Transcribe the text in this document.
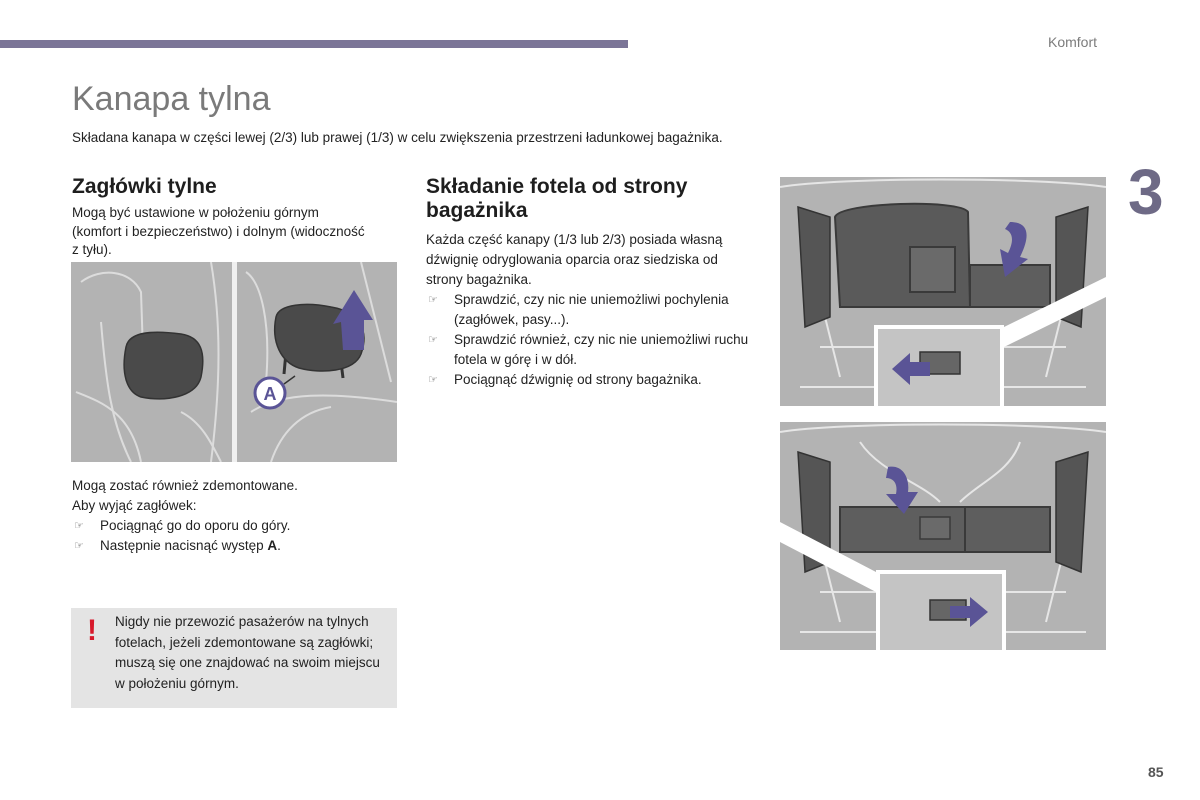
Komfort
3
Kanapa tylna
Składana kanapa w części lewej (2/3) lub prawej (1/3) w celu zwiększenia przestrzeni ładunkowej bagażnika.
Zagłówki tylne

Mogą być ustawione w położeniu górnym (komfort i bezpieczeństwo) i dolnym (widoczność z tyłu).

A

Mogą zostać również zdemontowane.

Aby wyjąć zagłówek:

☞ Pociągnąć go do oporu do góry.
☞ Następnie nacisnąć występ A.
! Nigdy nie przewozić pasażerów na tylnych fotelach, jeżeli zdemontowane są zagłówki; muszą się one znajdować na swoim miejscu w położeniu górnym.
Składanie fotela od strony bagażnika

Każda część kanapy (1/3 lub 2/3) posiada własną dźwignię odryglowania oparcia oraz siedziska od strony bagażnika.

☞ Sprawdzić, czy nic nie uniemożliwi pochylenia (zagłówek, pasy...).
☞ Sprawdzić również, czy nic nie uniemożliwi ruchu fotela w górę i w dół.
☞ Pociągnąć dźwignię od strony bagażnika.
85
